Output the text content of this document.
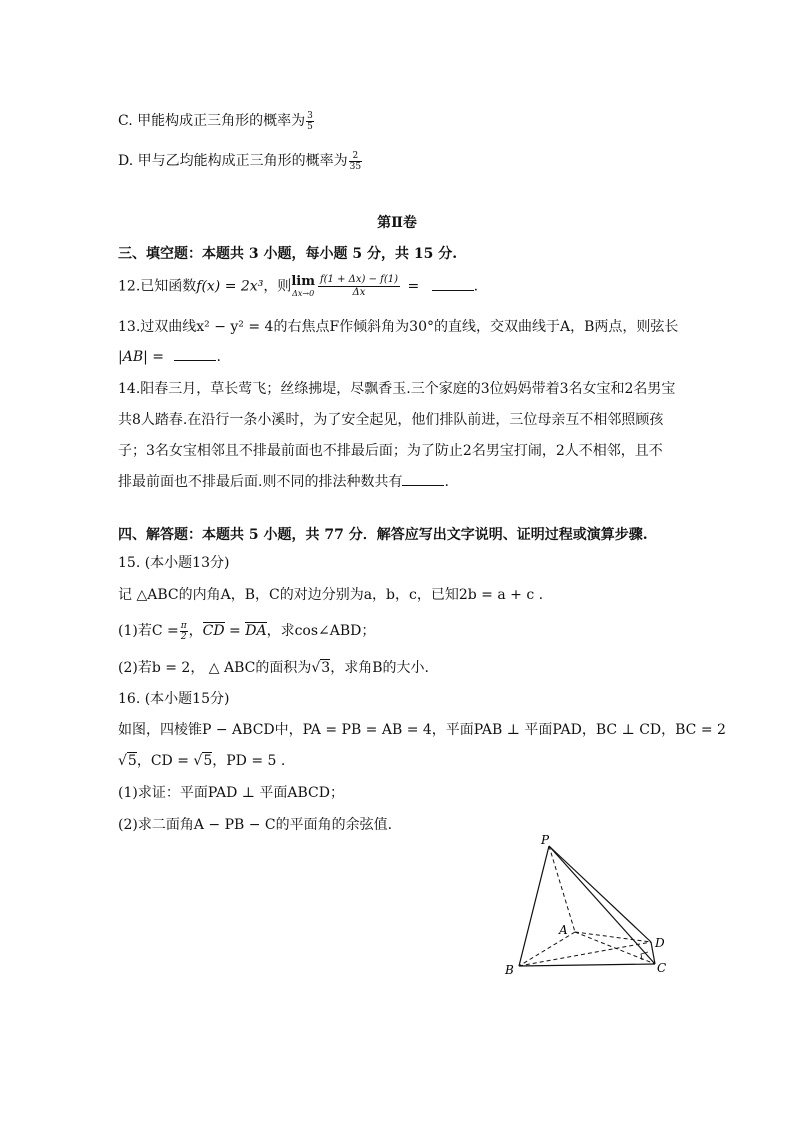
C. 甲能构成正三角形的概率为 $\frac{3}{5}$
D. 甲与乙均能构成正三角形的概率为 $\frac{2}{35}$
第Ⅱ卷
三、填空题：本题共 3 小题，每小题 5 分，共 15 分.
12.已知函数f(x) = 2x³，则 lim
$\Delta x\to 0 \frac{f(1 + \Delta x) - f(1)}{\Delta x}$ =	.
13.过双曲线x² − y² = 4的右焦点F作倾斜角为30°的直线，交双曲线于A，B两点，则弦长
|AB| =	.
14.阳春三月，草长莺飞；丝绦拂堤，尽飘香玉.三个家庭的3位妈妈带着3名女宝和2名男宝
共8人踏春.在沿行一条小溪时，为了安全起见，他们排队前进，三位母亲互不相邻照顾孩
子；3名女宝相邻且不排最前面也不排最后面；为了防止2名男宝打闹，2人不相邻，且不
排最前面也不排最后面.则不同的排法种数共有	.
四、解答题：本题共 5 小题，共 77 分．解答应写出文字说明、证明过程或演算步骤.
15. (本小题13分)
记 △ABC的内角A，B，C的对边分别为a，b，c，已知2b = a + c .
(1)若$C = \frac{\pi}{2}$ ，CD = DA，求cos∠ABD；
(2)若b = 2， △ ABC的面积为√3，求角B的大小.
16. (本小题15分)
如图，四棱锥P − ABCD中，PA = PB = AB = 4，平面PAB ⊥ 平面PAD，BC ⊥ CD，BC = 2
√5，CD = √5，PD = 5 .
(1)求证：平面PAD ⊥ 平面ABCD；
(2)求二面角A − PB − C的平面角的余弦值.
P
A
B	C
D
